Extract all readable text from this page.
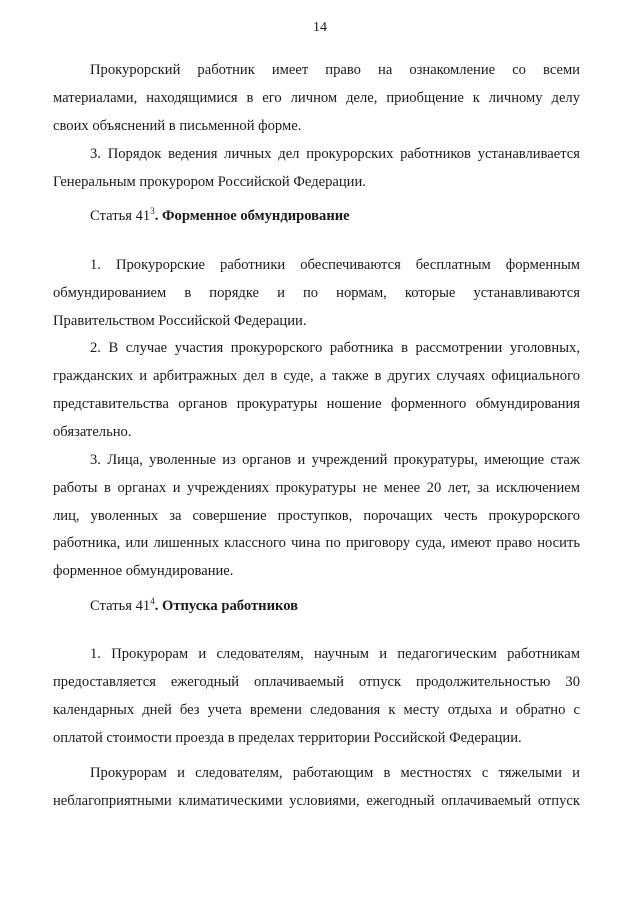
14
Прокурорский работник имеет право на ознакомление со всеми
материалами, находящимися в его личном деле, приобщение к личному делу
своих объяснений в письменной форме.
3. Порядок ведения личных дел прокурорских работников устанавливается
Генеральным прокурором Российской Федерации.
Статья $41^3$. Форменное обмундирование
1. Прокурорские работники обеспечиваются бесплатным форменным
обмундированием в порядке и по нормам, которые устанавливаются
Правительством Российской Федерации.
2. В случае участия прокурорского работника в рассмотрении уголовных,
гражданских и арбитражных дел в суде, а также в других случаях официального
представительства органов прокуратуры ношение форменного обмундирования
обязательно.
3. Лица, уволенные из органов и учреждений прокуратуры, имеющие стаж
работы в органах и учреждениях прокуратуры не менее 20 лет, за исключением
лиц, уволенных за совершение проступков, порочащих честь прокурорского
работника, или лишенных классного чина по приговору суда, имеют право носить
форменное обмундирование.
Статья $41^4$. Отпуска работников
1. Прокурорам и следователям, научным и педагогическим работникам
предоставляется ежегодный оплачиваемый отпуск продолжительностью 30
календарных дней без учета времени следования к месту отдыха и обратно с
оплатой стоимости проезда в пределах территории Российской Федерации.
Прокурорам и следователям, работающим в местностях с тяжелыми и
неблагоприятными климатическими условиями, ежегодный оплачиваемый отпуск
